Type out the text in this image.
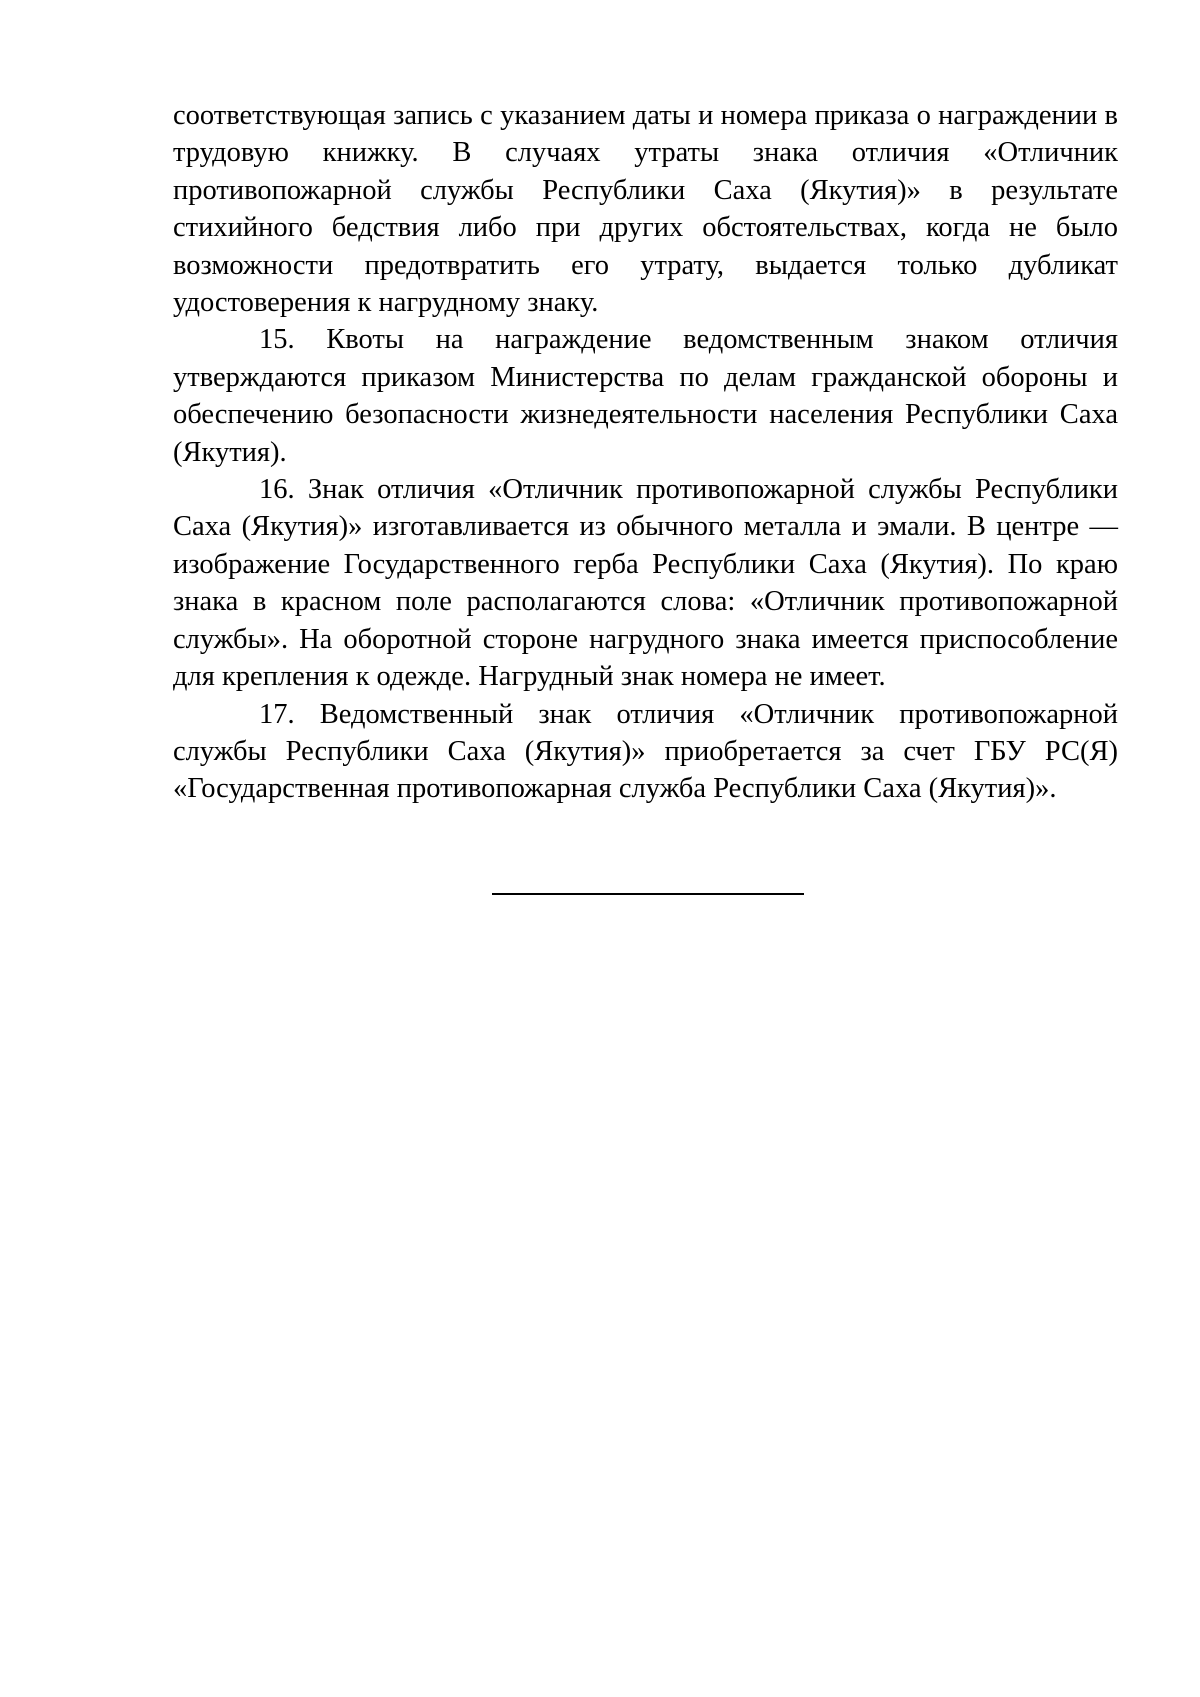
соответствующая запись с указанием даты и номера приказа о награждении в трудовую книжку. В случаях утраты знака отличия «Отличник противопожарной службы Республики Саха (Якутия)» в результате стихийного бедствия либо при других обстоятельствах, когда не было возможности предотвратить его утрату, выдается только дубликат удостоверения к нагрудному знаку.

15. Квоты на награждение ведомственным знаком отличия утверждаются приказом Министерства по делам гражданской обороны и обеспечению безопасности жизнедеятельности населения Республики Саха (Якутия).

16. Знак отличия «Отличник противопожарной службы Республики Саха (Якутия)» изготавливается из обычного металла и эмали. В центре — изображение Государственного герба Республики Саха (Якутия). По краю знака в красном поле располагаются слова: «Отличник противопожарной службы». На оборотной стороне нагрудного знака имеется приспособление для крепления к одежде. Нагрудный знак номера не имеет.

17. Ведомственный знак отличия «Отличник противопожарной службы Республики Саха (Якутия)» приобретается за счет ГБУ РС(Я) «Государственная противопожарная служба Республики Саха (Якутия)».
